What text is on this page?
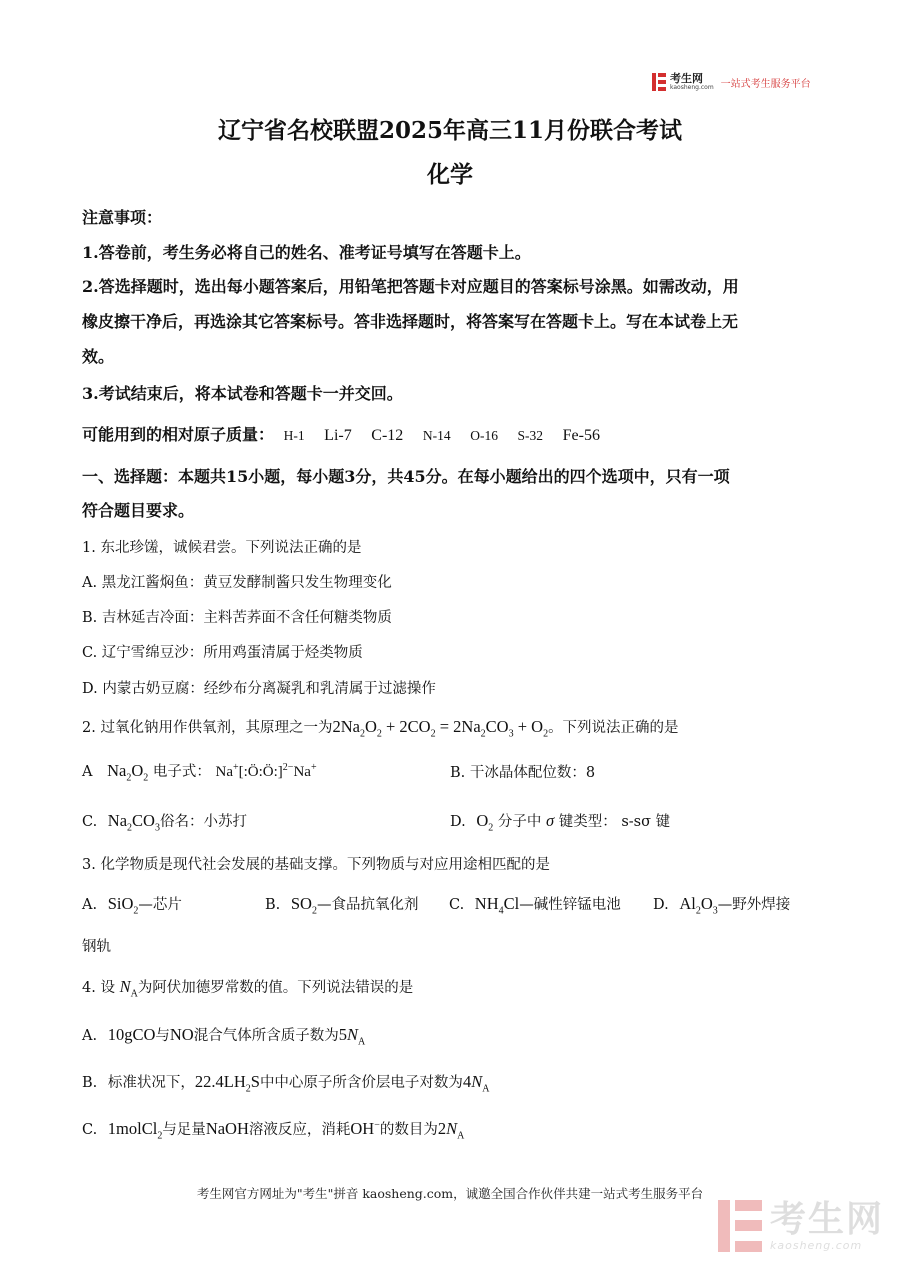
考生网
kaosheng.com 一站式考生服务平台
辽宁省名校联盟2025年高三11月份联合考试
化学
注意事项：
1.答卷前，考生务必将自己的姓名、准考证号填写在答题卡上。
2.答选择题时，选出每小题答案后，用铅笔把答题卡对应题目的答案标号涂黑。如需改动，用
橡皮擦干净后，再选涂其它答案标号。答非选择题时，将答案写在答题卡上。写在本试卷上无
效。
3.考试结束后，将本试卷和答题卡一并交回。
可能用到的相对原子质量： H-1 Li-7 C-12 N-14 O-16 S-32 Fe-56
一、选择题：本题共15小题，每小题3分，共45分。在每小题给出的四个选项中，只有一项
符合题目要求。
1. 东北珍馐，诚候君尝。下列说法正确的是
A. 黑龙江酱焖鱼：黄豆发酵制酱只发生物理变化
B. 吉林延吉冷面：主料苦荞面不含任何糖类物质
C. 辽宁雪绵豆沙：所用鸡蛋清属于烃类物质
D. 内蒙古奶豆腐：经纱布分离凝乳和乳清属于过滤操作
2. 过氧化钠用作供氧剂，其原理之一为$2Na_2O_2 + 2CO_2 = 2Na_2CO_3 + O_2$。下列说法正确的是
A $Na_2O_2$ 电子式： Na+[:Ö:Ö:]$^{2-}$Na+	B. 干冰晶体配位数：8
C. $Na_2CO_3$俗名：小苏打	D. $O_2$ 分子中 σ 键类型： s-sσ 键
3. 化学物质是现代社会发展的基础支撑。下列物质与对应用途相匹配的是
A. SiO$_2$—芯片	B. $SO_2—$食品抗氧化剂 C. $NH_4Cl—$碱性锌锰电池 D. $Al_2O_3—$野外焊接
钢轨
4. 设 $N_A$为阿伏加德罗常数的值。下列说法错误的是
A. 10gCO与NO混合气体所含质子数为$5N_A$
B. 标准状况下，$22.4LH_2S$中中心原子所含价层电子对数为$4N_A$
C. 1molCl$_2$与足量NaOH溶液反应，消耗OH−的数目为$2N_A$
考生网官方网址为"考生"拼音 kaosheng.com，诚邀全国合作伙伴共建一站式考生服务平台
考生网
kaosheng.com
